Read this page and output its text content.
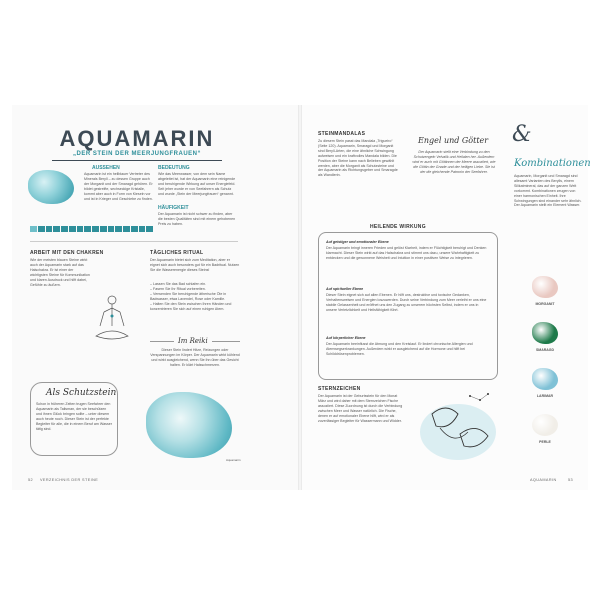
AQUAMARIN
„DER STEIN DER MEERJUNGFRAUEN“
AUSSEHEN
Aquamarin ist ein hellblauer Vertreter des Minerals Beryll – zu dessen Gruppe auch der Morganit und der Smaragd gehören. Er bildet gestreifte, sechseckige Kristalle, kommt aber auch in Form von Kieseln vor und ist in Krieger und Geschiebe zu finden.
BEDEUTUNG
Wie das Meerwasser, von dem sein Name abgeleitet ist, hat der Aquamarin eine reinigende und beruhigende Wirkung auf unser Energiefeld. Seit jeher wurde er von Seefahrern als Schutz und wurde „Stein der Meerjungfrauen“ genannt.
HÄUFIGKEIT
Der Aquamarin ist nicht schwer zu finden, aber die besten Qualitäten sind mit einem gehobenen Preis zu haben.
ARBEIT MIT DEN CHAKREN
Wie der meisten blauen Steine wirkt auch der Aquamarin stark auf das Halschakra. Er ist einer der wichtigsten Steine für Kommunikation und klaren Ausdruck und hilft dabei, Gefühle zu äußern.
TÄGLICHES RITUAL
Der Aquamarin bietet sich zum Meditation, aber er eignet sich auch besonders gut für ein Badritual. Nutzen Sie die Wasserenergie dieses Steins!
– Lassen Sie das Bad schlafen ein.
– Fasern Sie Ihr Ritual vorbereiten.
– Verwenden Sie beruhigende ätherische Öle in Badwasser, etwa Lavendel, Rose oder Kamille.
– Halten Sie den Stein zwischen Ihren Händen und konzentrieren Sie sich auf einen ruhigen Atem.
Im Reiki
Dieser Stein lindert Hitze, Reizungen oder Verspannungen im Körper. Der Aquamarin wirkt kühlend und wirkt ausgleichend, wenn Sie ihn über das Gesicht halten. Er klärt Halsschmerzen.
Als Schutzstein
Schon in früheren Zeiten trugen Seefahrer den Aquamarin als Talisman, der sie beschützen und ihnen Glück bringen sollte – unter diesem auch heute noch. Dieser Stein ist der perfekte Begleiter für alle, die in einem Beruf am Wasser tätig sind.
Aquamarin
52 VERZEICHNIS DER STEINE
STEINMANDALAS
Zu diesem Stein passt das Mandala „Trigueiro“ (Seite 120). Aquamarin, Smaragd und Morganit sind Beryll-Arten, die eine ähnliche Schwingung aufweisen und ein kraftvolles Mandala bilden. Die Position der Steine kann nach Belieben gewählt werden, aber die Morganit als Schutzsteine und der Aquamarin als Richtungsgeber und Smaragde als Wandlerin.
Engel und Götter
Der Aquamarin stellt eine Verbindung zu den Schutzengeln Velvalik und Heilalen her. Außerdem wird er auch mit Göttinnen der Meere assoziiert, wie die Göttin der Gnade und der heiligen Liebe. Sie ist der die gleichende Patronin der Seefahrer.
HEILENDE WIRKUNG
Auf geistiger und emotionaler Ebene
Der Aquamarin bringt inneren Frieden und gelöst Klarheit, indem er Flüchtigkeit beruhigt und Denken klarmacht. Dieser Stein wirkt auf das Halschakra und stimmt uns dazu, unsere Wahrhaftigkeit zu entdecken und die gewonnene Weisheit und Intuition in einer positiven Weise zu integrieren.
Auf spiritueller Ebene
Dieser Stein eignet sich auf allen Ebenen. Er hilft uns, destruktive und toxische Gedanken, Verhaltensweisen und Energien loszuwerden. Durch seine Verbindung zum Meer verleiht er uns eine stabile Gelassenheit und eröffnet uns den Zugang zu unserem höchsten Selbst, indem er uns in unsere Verletzlichkeit und Heilsfähigkeit führt.
Auf körperlicher Ebene
Der Aquamarin beeinflusst die Atmung und den Kreislauf. Er lindert chronische Allergien und Atemwegserkrankungen. Außerdem wirkt er ausgleichend auf die Hormone und hilft bei Schilddrüsenproblemen.
STERNZEICHEN
Der Aquamarin ist der Geburtsstein für den Monat März und wird daher mit dem Sternzeichen Fische assoziiert. Diese Zuordnung ist durch die Verbindung zwischen Meer und Wasser natürlich. Die Fische, denen er auf emotionaler Ebene hilft, wird er als zuverlässiger Begleiter für Wassermann und Widder.
&
Kombinationen
Aquamarin, Morganit und Smaragd sind allesamt Varianten des Berylls, einem Silikatmineral, das auf der ganzen Welt vorkommt. Kombinationen zeugen von einer harmonischen Einheit. Ihre Schwingungen sind einander sehr ähnlich. Der Aquamarin stellt ein Element Wasser.
MORGANIT
SMARAGD
LARIMAR
PERLE
AQUAMARIN	53
